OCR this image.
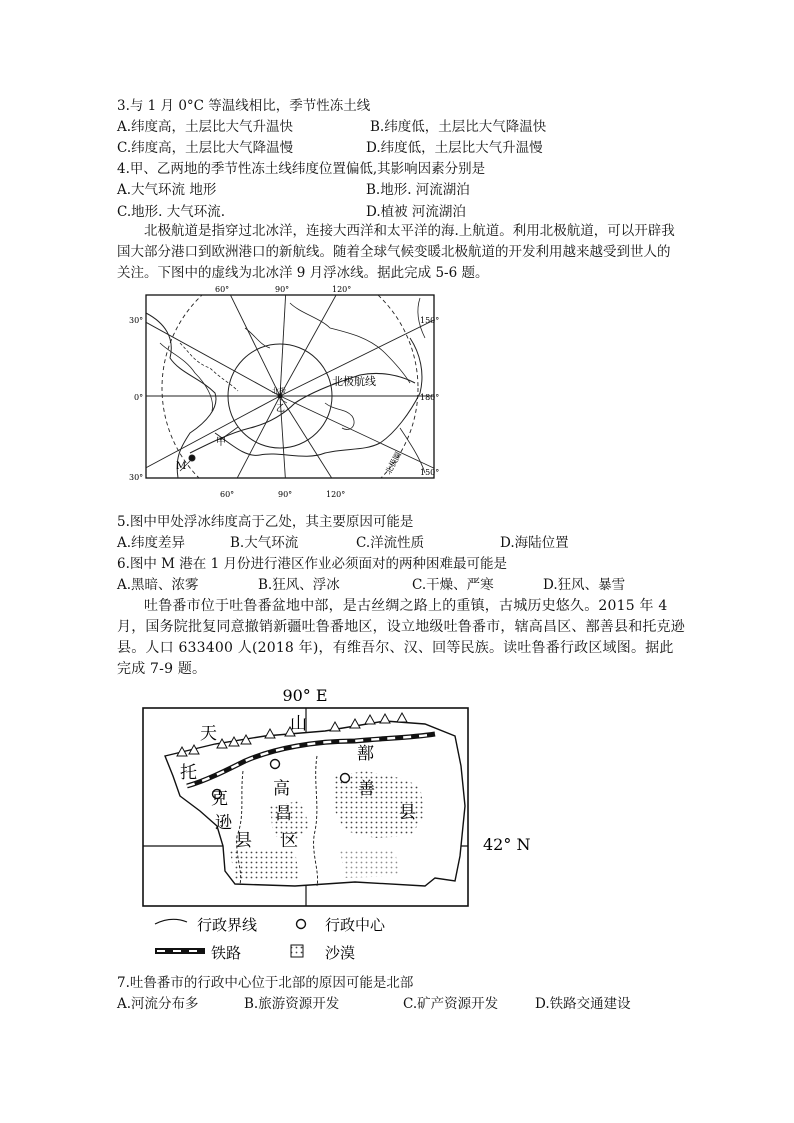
3.与 1 月 0°C 等温线相比，季节性冻土线
A.纬度高，土层比大气升温快	B.纬度低，土层比大气降温快
C.纬度高，土层比大气降温慢	D.纬度低，土层比大气升温慢
4.甲、乙两地的季节性冻土线纬度位置偏低,其影响因素分别是
A.大气环流 地形	B.地形. 河流湖泊
C.地形. 大气环流.	D.植被 河流湖泊
北极航道是指穿过北冰洋，连接大西洋和太平洋的海.上航道。利用北极航道，可以开辟我国大部分港口到欧洲港口的新航线。随着全球气候变暖北极航道的开发利用越来越受到世人的关注。下图中的虚线为北冰洋 9 月浮冰线。据此完成 5-6 题。
60°	90°	120°
60°	90°	120°
30°
0°
30°
150°
180°
150°
北极
北极航线
甲
乙
M	北极圈
5.图中甲处浮冰纬度高于乙处，其主要原因可能是
A.纬度差异	B.大气环流	C.洋流性质	D.海陆位置
6.图中 M 港在 1 月份进行港区作业必须面对的两种困难最可能是
A.黑暗、浓雾	B.狂风、浮冰	C.干燥、严寒	D.狂风、暴雪
吐鲁番市位于吐鲁番盆地中部，是古丝绸之路上的重镇，古城历史悠久。2015 年 4 月，国务院批复同意撤销新疆吐鲁番地区，设立地级吐鲁番市，辖高昌区、鄯善县和托克逊县。人口 633400 人(2018 年)，有维吾尔、汉、回等民族。读吐鲁番行政区域图。据此完成 7-9 题。
90° E
42° N
天	山
鄯
善
县
托
克
逊
县
高
昌
区
行政界线	行政中心
铁路	沙漠
7.吐鲁番市的行政中心位于北部的原因可能是北部
A.河流分布多	B.旅游资源开发	C.矿产资源开发	D.铁路交通建设
